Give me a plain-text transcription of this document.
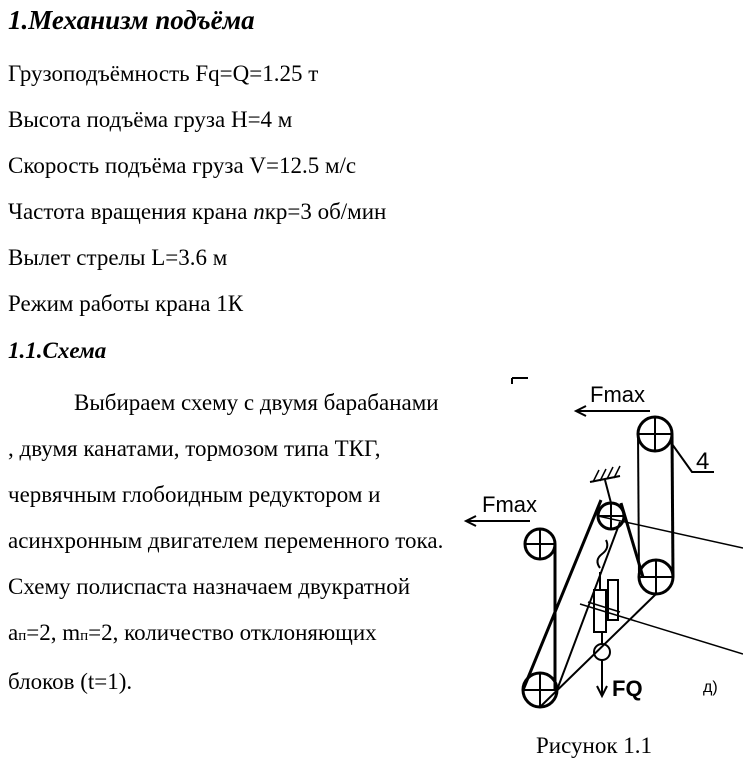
1.Механизм подъёма
Грузоподъёмность Fq=Q=1.25 т
Высота подъёма груза H=4 м
Скорость подъёма груза V=12.5 м/с
Частота вращения крана nкр=3 об/мин
Вылет стрелы L=3.6 м
Режим работы крана 1К
1.1.Схема
Выбираем схему с двумя барабанами , двумя канатами, тормозом типа ТКГ, червячным глобоидным редуктором и асинхронным двигателем переменного тока. Схему полиспаста назначаем двукратной aп=2, mп=2, количество отклоняющих блоков (t=1).
Fmax
Fmax
4
FQ	д)
Рисунок 1.1
